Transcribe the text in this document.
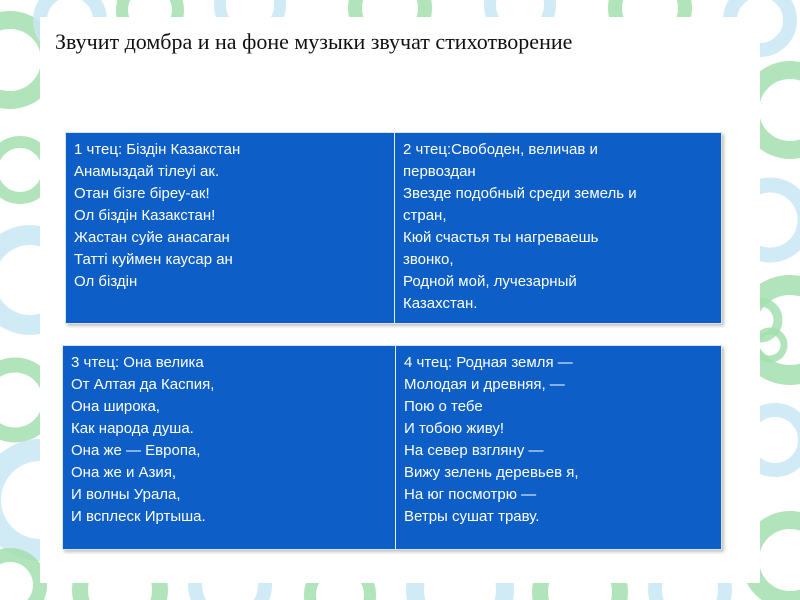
Звучит домбра и на фоне музыки звучат стихотворение
1 чтец: Біздін Казакстан
Анамыздай тілеуі ак.
Отан бізге біреу-ак!
Ол біздін Казакстан!
Жастан суйе анасаган
Татті куймен каусар ан
Ол біздін
2 чтец:Свободен, величав и
первоздан
Звезде подобный среди земель и
стран,
Кюй счастья ты нагреваешь
звонко,
Родной мой, лучезарный
Казахстан.
3 чтец: Она велика
От Алтая да Каспия,
Она широка,
Как народа душа.
Она же — Европа,
Она же и Азия,
И волны Урала,
И всплеск Иртыша.
4 чтец: Родная земля —
Молодая и древняя, —
Пою о тебе
И тобою живу!
На север взгляну —
Вижу зелень деревьев я,
На юг посмотрю —
Ветры сушат траву.
